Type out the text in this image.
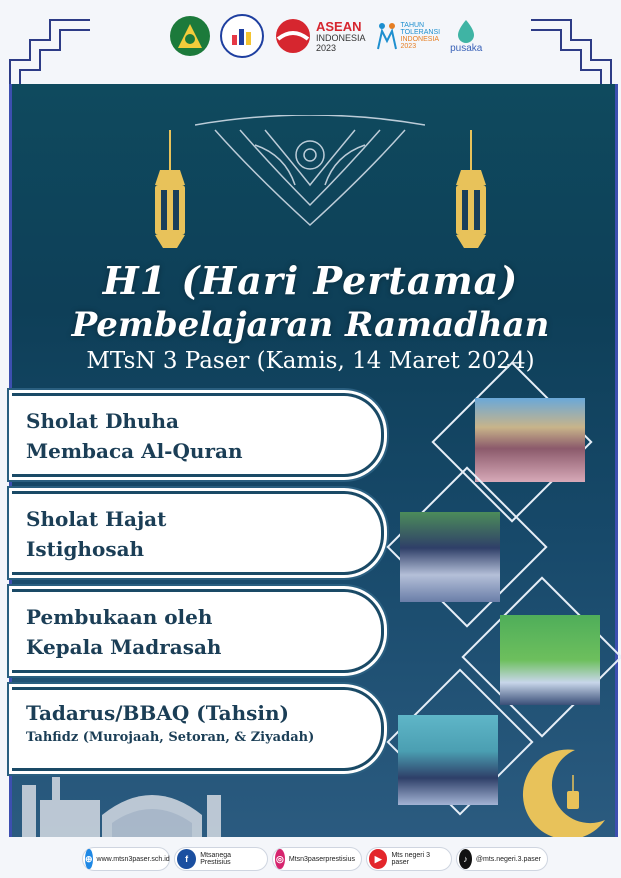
ASEAN
INDONESIA
2023
TAHUN
TOLERANSI
INDONESIA
2023	pusaka
H1 (Hari Pertama)
Pembelajaran Ramadhan
MTsN 3 Paser (Kamis, 14 Maret 2024)
Sholat Dhuha
Membaca Al-Quran
Sholat Hajat
Istighosah
Pembukaan oleh
Kepala Madrasah
Tadarus/BBAQ (Tahsin)
Tahfidz (Murojaah, Setoran, & Ziyadah)
⊕ www.mtsn3paser.sch.id	f	Mtsanega Prestisius	◎ Mtsn3paserprestisius	▶	Mts negeri 3 paser	♪	@mts.negeri.3.paser
